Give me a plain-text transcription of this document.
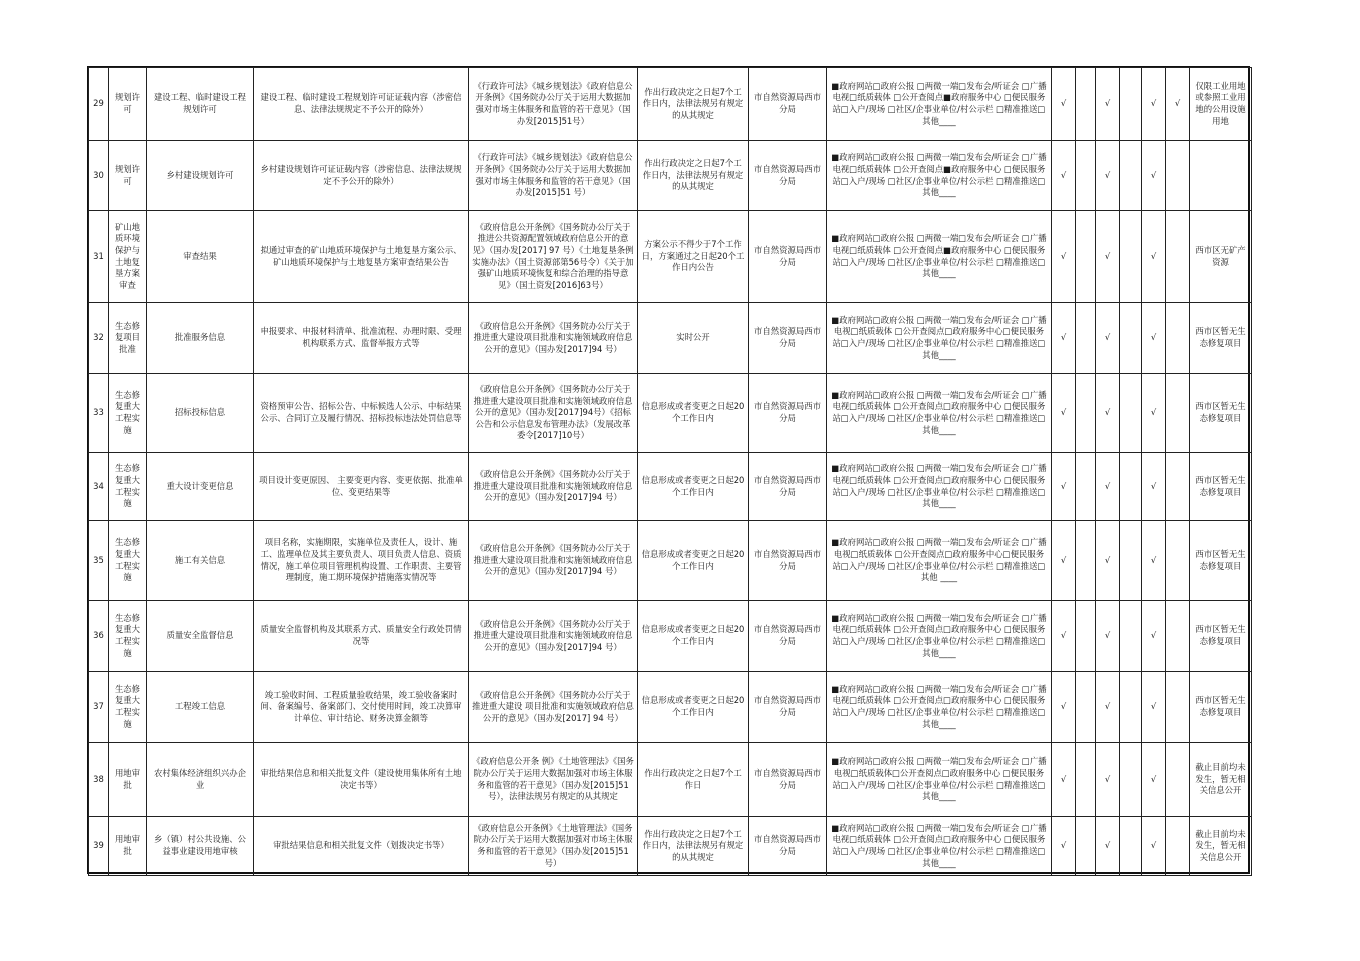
29	规划许可	建设工程、临时建设工程规划许可	建设工程、临时建设工程规划许可证证载内容（涉密信息、法律法规规定不予公开的除外）	《行政许可法》《城乡规划法》《政府信息公开条例》《国务院办公厅关于运用大数据加强对市场主体服务和监管的若干意见》（国办发[2015]51号）	作出行政决定之日起7个工作日内，法律法规另有规定的从其规定	市自然资源局西市分局	■政府网站□政府公报 □两微一端□发布会/听证会 □广播电视□纸质载体 □公开查阅点■政府服务中心 □便民服务站□入户/现场 □社区/企事业单位/村公示栏 □精准推送□其他____	√		√		√	√	仅限工业用地或参照工业用地的公用设施用地
30	规划许可	乡村建设规划许可	乡村建设规划许可证证载内容（涉密信息、法律法规规定不予公开的除外）	《行政许可法》《城乡规划法》《政府信息公开条例》《国务院办公厅关于运用大数据加强对市场主体服务和监管的若干意见》（国办发[2015]51 号）	作出行政决定之日起7个工作日内，法律法规另有规定的从其规定	市自然资源局西市分局	■政府网站□政府公报 □两微一端□发布会/听证会 □广播电视□纸质载体 □公开查阅点■政府服务中心 □便民服务站□入户/现场 □社区/企事业单位/村公示栏 □精准推送□其他____	√		√		√		
31	矿山地质环境保护与土地复垦方案审查	审查结果	拟通过审查的矿山地质环境保护与土地复垦方案公示、矿山地质环境保护与土地复垦方案审查结果公告	《政府信息公开条例》《国务院办公厅关于推进公共资源配置领域政府信息公开的意见》（国办发[2017] 97 号）《土地复垦条例实施办法》（国土资源部第56号令）《关于加强矿山地质环境恢复和综合治理的指导意见》（国土资发[2016]63号）	方案公示不得少于7个工作日，方案通过之日起20个工作日内公告	市自然资源局西市分局	■政府网站□政府公报 □两微一端□发布会/听证会 □广播电视□纸质载体 □公开查阅点■政府服务中心 □便民服务站□入户/现场 □社区/企事业单位/村公示栏 □精准推送□其他____	√		√		√		西市区无矿产资源
32	生态修复项目批准	批准服务信息	申报要求、申报材料清单、批准流程、办理时限、受理机构联系方式、监督举报方式等	《政府信息公开条例》《国务院办公厅关于推进重大建设项目批准和实施领域政府信息公开的意见》（国办发[2017]94 号）	实时公开	市自然资源局西市分局	■政府网站□政府公报 □两微一端□发布会/听证会 □广播电视□纸质载体 □公开查阅点□政府服务中心□便民服务站□入户/现场 □社区/企事业单位/村公示栏 □精准推送□其他____	√		√		√		西市区暂无生态修复项目
33	生态修复重大工程实施	招标投标信息	资格预审公告、招标公告、中标候选人公示、中标结果公示、合同订立及履行情况、招标投标违法处罚信息等	《政府信息公开条例》《国务院办公厅关于推进重大建设项目批准和实施领域政府信息公开的意见》（国办发[2017]94号）《招标公告和公示信息发布管理办法》（发展改革委令[2017]10号）	信息形成或者变更之日起20个工作日内	市自然资源局西市分局	■政府网站□政府公报 □两微一端□发布会/听证会 □广播电视□纸质载体 □公开查阅点□政府服务中心 □便民服务站□入户/现场 □社区/企事业单位/村公示栏 □精准推送□其他____	√		√		√		西市区暂无生态修复项目
34	生态修复重大工程实施	重大设计变更信息	项目设计变更原因、 主要变更内容、变更依据、批准单位、变更结果等	《政府信息公开条例》《国务院办公厅关于推进重大建设项目批准和实施领域政府信息公开的意见》（国办发[2017]94 号）	信息形成或者变更之日起20个工作日内	市自然资源局西市分局	■政府网站□政府公报 □两微一端□发布会/听证会 □广播电视□纸质载体 □公开查阅点□政府服务中心 □便民服务站□入户/现场 □社区/企事业单位/村公示栏 □精准推送□其他____	√		√		√		西市区暂无生态修复项目
35	生态修复重大工程实施	施工有关信息	项目名称，实施期限，实施单位及责任人，设计、施工、监理单位及其主要负责人、项目负责人信息、资质情况，施工单位项目管理机构设置、工作职责、主要管理制度，施工期环境保护措施落实情况等	《政府信息公开条例》《国务院办公厅关于推进重大建设项目批准和实施领域政府信息公开的意见》（国办发[2017]94 号）	信息形成或者变更之日起20个工作日内	市自然资源局西市分局	■政府网站□政府公报 □两微一端□发布会/听证会 □广播电视□纸质载体 □公开查阅点□政府服务中心□便民服务站□入户/现场 □社区/企事业单位/村公示栏 □精准推送□其他 ____	√		√		√		西市区暂无生态修复项目
36	生态修复重大工程实施	质量安全监督信息	质量安全监督机构及其联系方式、质量安全行政处罚情况等	《政府信息公开条例》《国务院办公厅关于推进重大建设项目批准和实施领域政府信息公开的意见》（国办发[2017]94 号）	信息形成或者变更之日起20个工作日内	市自然资源局西市分局	■政府网站□政府公报 □两微一端□发布会/听证会 □广播电视□纸质载体 □公开查阅点□政府服务中心 □便民服务站□入户/现场 □社区/企事业单位/村公示栏 □精准推送□其他____	√		√		√		西市区暂无生态修复项目
37	生态修复重大工程实施	工程竣工信息	竣工验收时间、工程质量验收结果，竣工验收备案时间、备案编号、备案部门、交付使用时间，竣工决算审计单位、审计结论、财务决算金额等	《政府信息公开条例》《国务院办公厅关于推进重大建设 项目批准和实施领域政府信息公开的意见》（国办发[2017] 94 号）	信息形成或者变更之日起20个工作日内	市自然资源局西市分局	■政府网站□政府公报 □两微一端□发布会/听证会 □广播电视□纸质载体 □公开查阅点□政府服务中心 □便民服务站□入户/现场 □社区/企事业单位/村公示栏 □精准推送□其他____	√		√		√		西市区暂无生态修复项目
38	用地审批	农村集体经济组织兴办企业	审批结果信息和相关批复文件（建设使用集体所有土地决定书等）	《政府信息公开条 例》《土地管理法》《国务院办公厅关于运用大数据加强对市场主体服务和监管的若干意见》（国办发[2015]51号），法律法规另有规定的从其规定	作出行政决定之日起7个工作日	市自然资源局西市分局	■政府网站□政府公报 □两微一端□发布会/听证会 □广播电视□纸质载体□公开查阅点□政府服务中心 □便民服务站□入户/现场 □社区/企事业单位/村公示栏 □精准推送□其他____	√		√		√		截止目前均未发生，暂无相关信息公开
39	用地审批	乡（镇）村公共设施、公益事业建设用地审核	审批结果信息和相关批复文件（划拨决定书等）	《政府信息公开条例》《土地管理法》《国务院办公厅关于运用大数据加强对市场主体服务和监管的若干意见》（国办发[2015]51号）	作出行政决定之日起7个工作日内，法律法规另有规定的从其规定	市自然资源局西市分局	■政府网站□政府公报 □两微一端□发布会/听证会 □广播电视□纸质载体 □公开查阅点□政府服务中心 □便民服务站□入户/现场 □社区/企事业单位/村公示栏 □精准推送□其他____	√		√		√		截止目前均未发生，暂无相关信息公开
